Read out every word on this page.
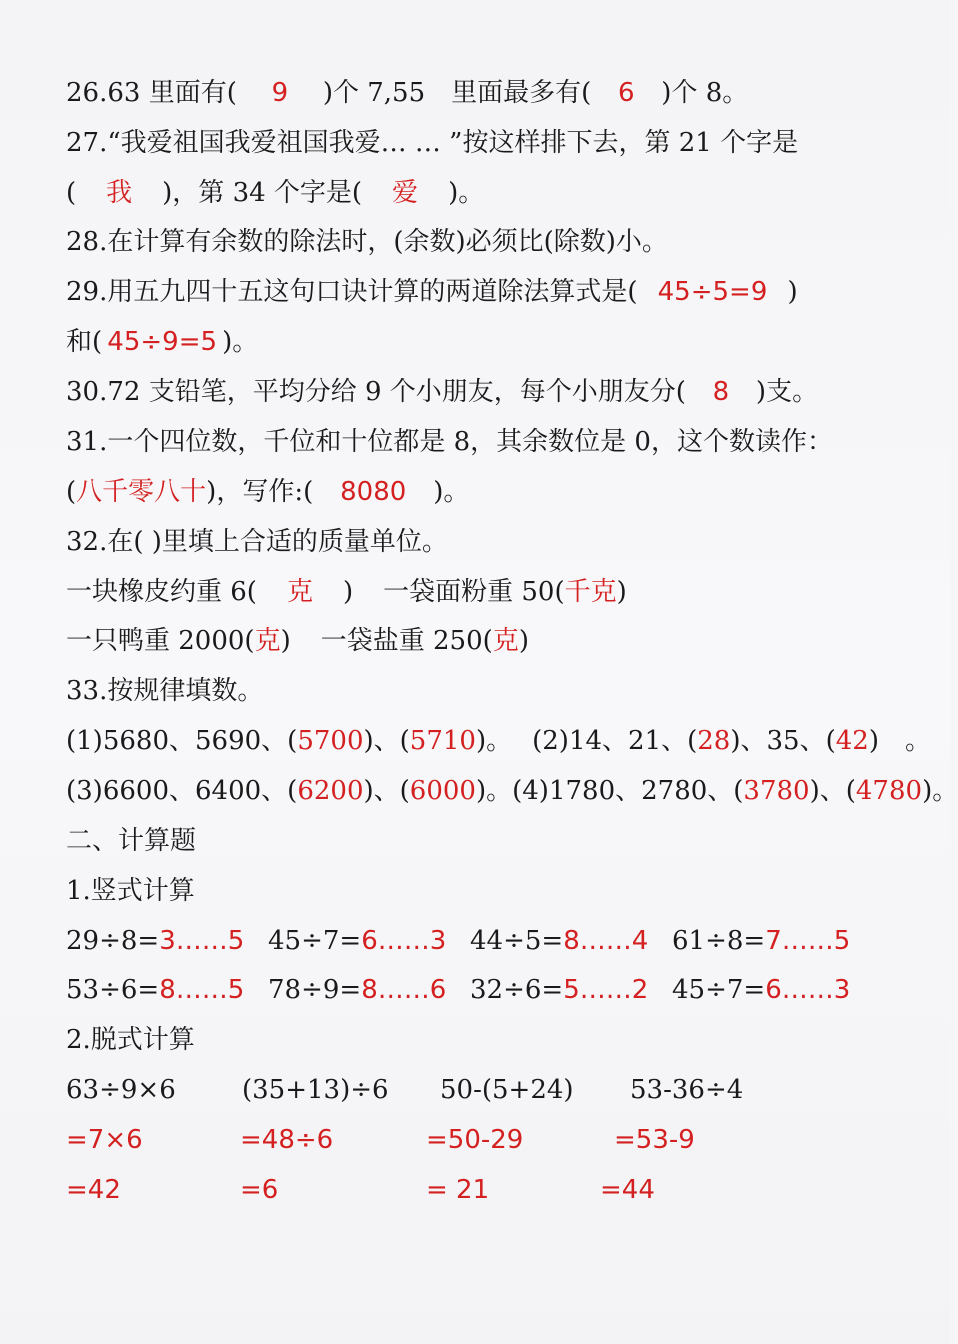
26.63 里面有( 9 )个 7,55　里面最多有( 6 )个 8。
27.“我爱祖国我爱祖国我爱… … ”按这样排下去，第 21 个字是
( 我 )，第 34 个字是( 爱 )。
28.在计算有余数的除法时，(余数)必须比(除数)小。
29.用五九四十五这句口诀计算的两道除法算式是( 45÷5=9 )
和( 45÷9=5 )。
30.72 支铅笔，平均分给 9 个小朋友，每个小朋友分( 8 )支。
31.一个四位数，千位和十位都是 8，其余数位是 0，这个数读作：
(八千零八十)，写作:( 8080 )。
32.在( )里填上合适的质量单位。
一块橡皮约重 6( 克 ) 一袋面粉重 50(千克)
一只鸭重 2000(克) 一袋盐重 250(克)
33.按规律填数。
(1)5680、5690、(5700)、(5710)。 (2)14、21、(28)、35、(42)　。
(3)6600、6400、(6200)、(6000)。(4)1780、2780、(3780)、(4780)。
二、计算题
1.竖式计算
29÷8=3……5 45÷7=6……3 44÷5=8……4 61÷8=7……5
53÷6=8……5 78÷9=8……6 32÷6=5……2 45÷7=6……3
2.脱式计算
63÷9×6	(35+13)÷6 50-(5+24) 53-36÷4
=7×6	=48÷6	=50-29	=53-9
=42	=6	= 21	=44
